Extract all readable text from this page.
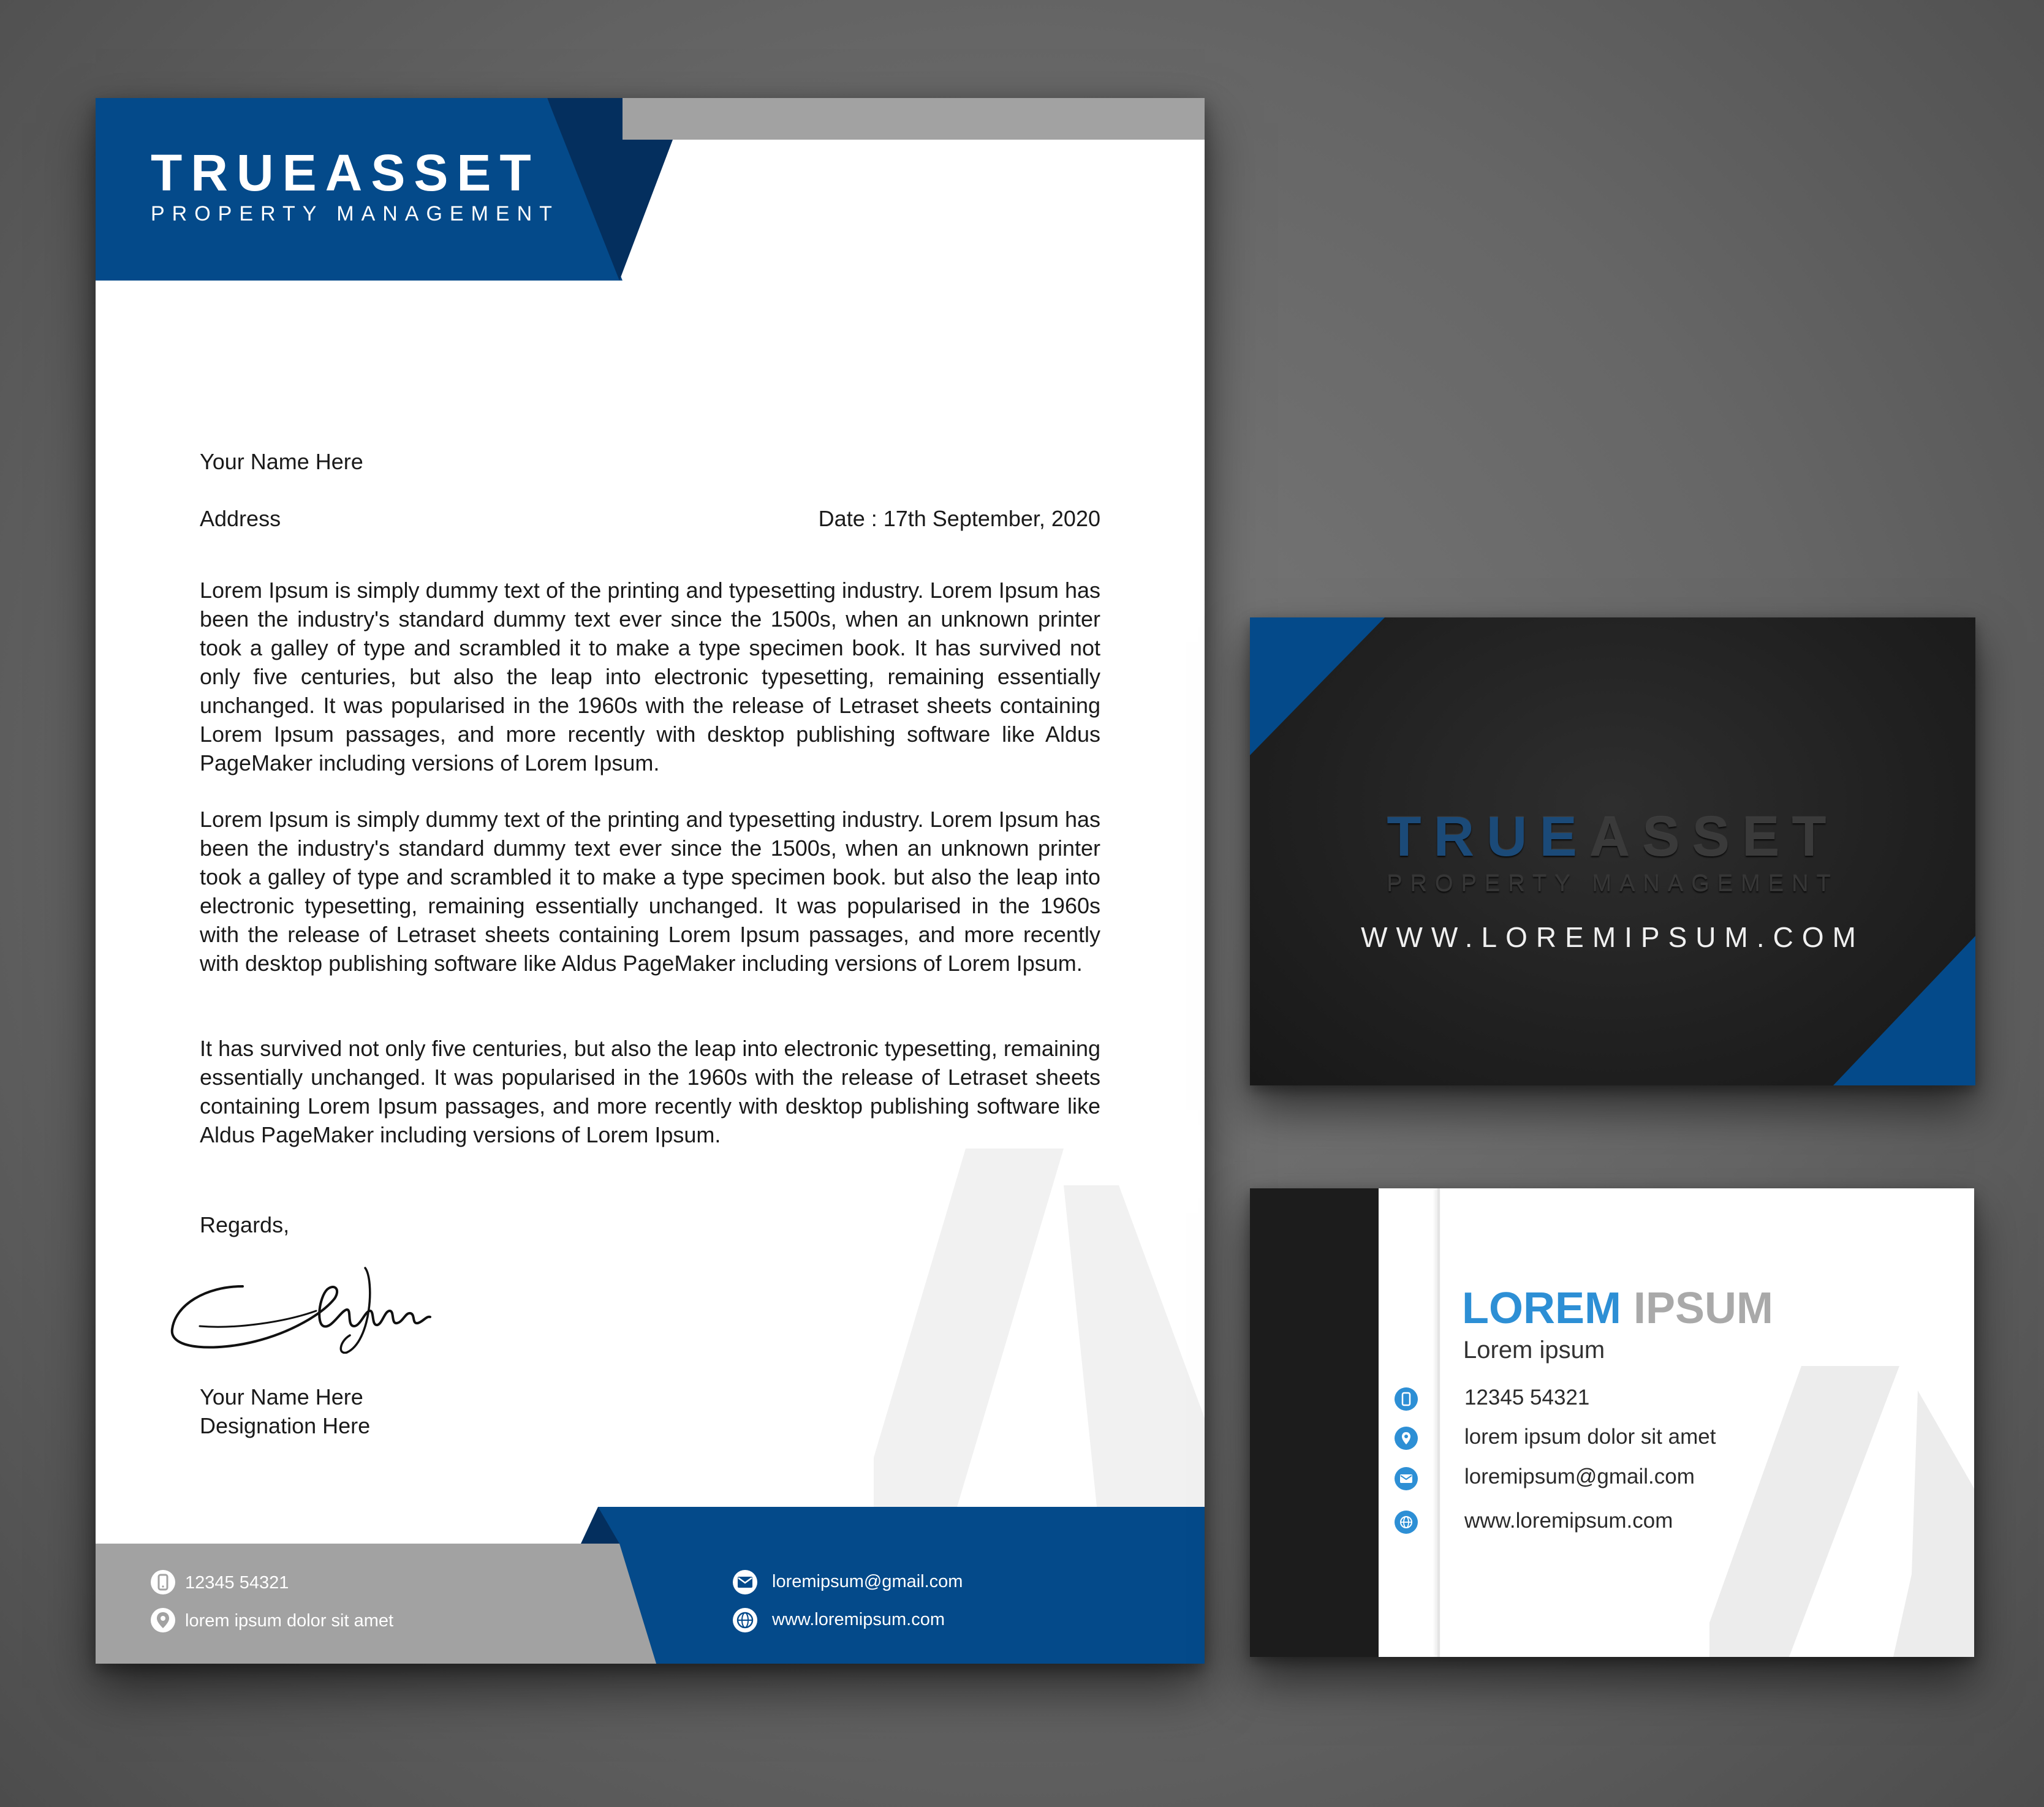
TRUEASSET
PROPERTY MANAGEMENT
Your Name Here
Address	Date : 17th September, 2020
Lorem Ipsum is simply dummy text of the printing and typesetting industry. Lorem Ipsum has been the industry's standard dummy text ever since the 1500s, when an unknown printer took a galley of type and scrambled it to make a type specimen book. It has survived not only five centuries, but also the leap into electronic typesetting, remaining essentially unchanged. It was popularised in the 1960s with the release of Letraset sheets containing Lorem Ipsum passages, and more recently with desktop publishing software like Aldus PageMaker including versions of Lorem Ipsum.
Lorem Ipsum is simply dummy text of the printing and typesetting industry. Lorem Ipsum has been the industry's standard dummy text ever since the 1500s, when an unknown printer took a galley of type and scrambled it to make a type specimen book. but also the leap into electronic typesetting, remaining essentially unchanged. It was popularised in the 1960s with the release of Letraset sheets containing Lorem Ipsum passages, and more recently with desktop publishing software like Aldus PageMaker including versions of Lorem Ipsum.
It has survived not only five centuries, but also the leap into electronic typesetting, remaining essentially unchanged. It was popularised in the 1960s with the release of Letraset sheets containing Lorem Ipsum passages, and more recently with desktop publishing software like Aldus PageMaker including versions of Lorem Ipsum.
Regards,
Your Name Here
Designation Here
12345 54321
lorem ipsum dolor sit amet
loremipsum@gmail.com
www.loremipsum.com
TRUEASSET
PROPERTY MANAGEMENT
WWW.LOREMIPSUM.COM
LOREM IPSUM
Lorem ipsum
12345 54321
lorem ipsum dolor sit amet
loremipsum@gmail.com
www.loremipsum.com
